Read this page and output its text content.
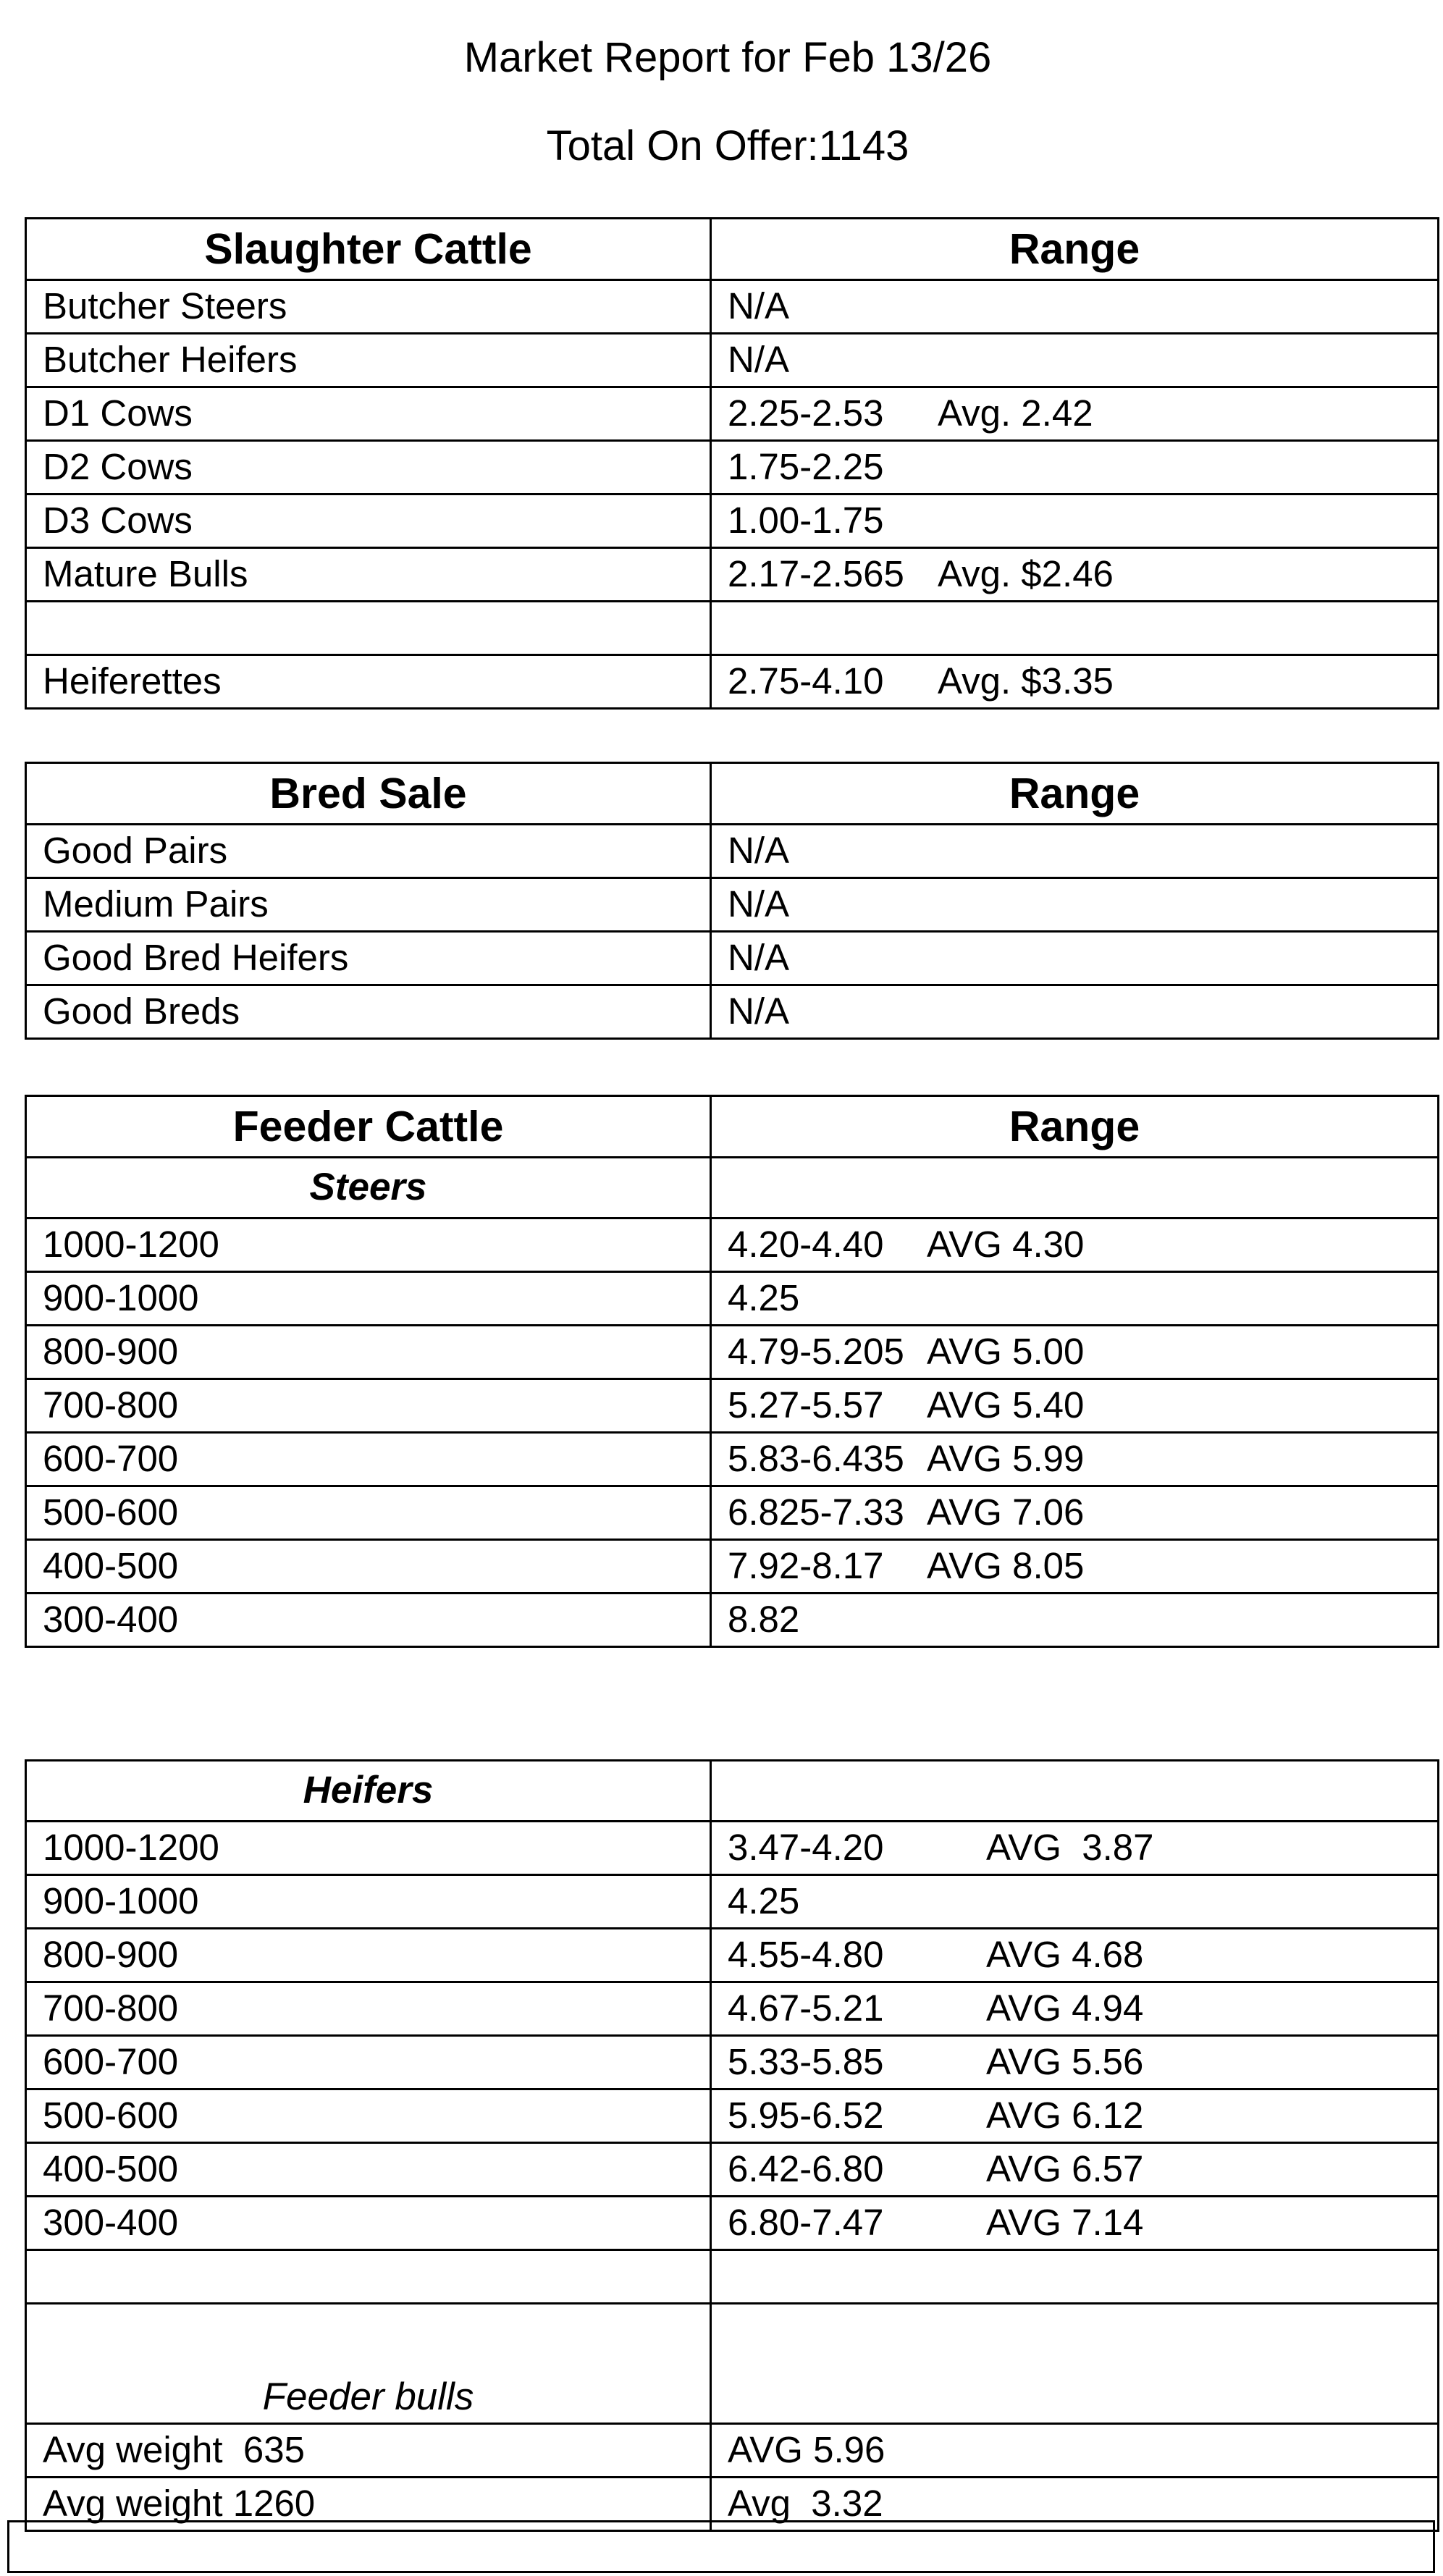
Market Report for Feb 13/26
Total On Offer:1143
Slaughter Cattle	Range
Butcher Steers	N/A
Butcher Heifers	N/A
D1 Cows	2.25-2.53 Avg. 2.42
D2 Cows	1.75-2.25
D3 Cows	1.00-1.75
Mature Bulls	2.17-2.565 Avg. $2.46

Heiferettes	2.75-4.10 Avg. $3.35
Bred Sale	Range
Good Pairs	N/A
Medium Pairs	N/A
Good Bred Heifers	N/A
Good Breds	N/A
Feeder Cattle	Range
Steers	
1000-1200	4.20-4.40 AVG 4.30
900-1000	4.25
800-900	4.79-5.205 AVG 5.00
700-800	5.27-5.57 AVG 5.40
600-700	5.83-6.435 AVG 5.99
500-600	6.825-7.33 AVG 7.06
400-500	7.92-8.17 AVG 8.05
300-400	8.82
Heifers	
1000-1200	3.47-4.20 AVG  3.87
900-1000	4.25
800-900	4.55-4.80 AVG 4.68
700-800	4.67-5.21 AVG 4.94
600-700	5.33-5.85 AVG 5.56
500-600	5.95-6.52 AVG 6.12
400-500	6.42-6.80 AVG 6.57
300-400	6.80-7.47 AVG 7.14

Feeder bulls	
Avg weight  635	AVG 5.96
Avg weight 1260	Avg  3.32
